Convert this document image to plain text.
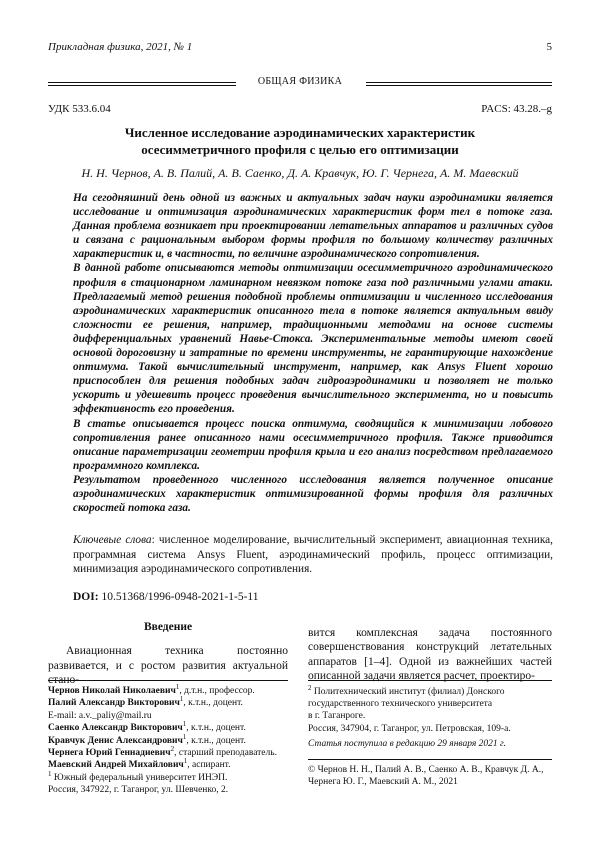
Прикладная физика, 2021, № 1	5
ОБЩАЯ ФИЗИКА
УДК 533.6.04	PACS: 43.28.–g
Численное исследование аэродинамических характеристик
осесимметричного профиля с целью его оптимизации
Н. Н. Чернов, А. В. Палий, А. В. Саенко, Д. А. Кравчук, Ю. Г. Чернега, А. М. Маевский

На сегодняшний день одной из важных и актуальных задач науки аэродинамики является исследование и оптимизация аэродинамических характеристик форм тел в потоке газа. Данная проблема возникает при проектировании летательных аппаратов и различных судов и связана с рациональным выбором формы профиля по большому количеству различных характеристик и, в частности, по величине аэродинамического сопротивления.

В данной работе описываются методы оптимизации осесимметричного аэродинамического профиля в стационарном ламинарном невязком потоке газа под различными углами атаки. Предлагаемый метод решения подобной проблемы оптимизации и численного исследования аэродинамических характеристик описанного тела в потоке является актуальным ввиду сложности ее решения, например, традиционными методами на основе системы дифференциальных уравнений Навье-Стокса. Экспериментальные методы имеют своей основой дороговизну и затратные по времени инструменты, не гарантирующие нахождение оптимума. Такой вычислительный инструмент, например, как Ansys Fluent хорошо приспособлен для решения подобных задач гидроаэродинамики и позволяет не только ускорить и удешевить процесс проведения вычислительного эксперимента, но и повысить эффективность его проведения.

В статье описывается процесс поиска оптимума, сводящийся к минимизации лобового сопротивления ранее описанного нами осесимметричного профиля. Также приводится описание параметризации геометрии профиля крыла и его анализ посредством предлагаемого программного комплекса.

Результатом проведенного численного исследования является полученное описание аэродинамических характеристик оптимизированной формы профиля для различных скоростей потока газа.

Ключевые слова: численное моделирование, вычислительный эксперимент, авиационная техника, программная система Ansys Fluent, аэродинамический профиль, процесс оптимизации, минимизация аэродинамического сопротивления.
DOI: 10.51368/1996-0948-2021-1-5-11
Введение

Авиационная техника постоянно развивается, и с ростом развития актуальной стано-

вится комплексная задача постоянного совершенствования конструкций летательных аппаратов [1–4]. Одной из важнейших частей описанной задачи является расчет, проектиро-
Чернов Николай Николаевич$^1$, д.т.н., профессор.
Палий Александр Викторович$^1$, к.т.н., доцент.
E-mail: a.v._paliy@mail.ru
Саенко Александр Викторович$^1$, к.т.н., доцент.
Кравчук Денис Александрович$^1$, к.т.н., доцент.
Чернега Юрий Геннадиевич$^2$, старший преподаватель.
Маевский Андрей Михайлович$^1$, аспирант.
$^1$ Южный федеральный университет ИНЭП.
Россия, 347922, г. Таганрог, ул. Шевченко, 2.
$^2$ Политехнический институт (филиал) Донского
государственного технического университета
в г. Таганроге.
Россия, 347904, г. Таганрог, ул. Петровская, 109-а.
Статья поступила в редакцию 29 января 2021 г.
© Чернов Н. Н., Палий А. В., Саенко А. В., Кравчук Д. А.,
Чернега Ю. Г., Маевский А. М., 2021
